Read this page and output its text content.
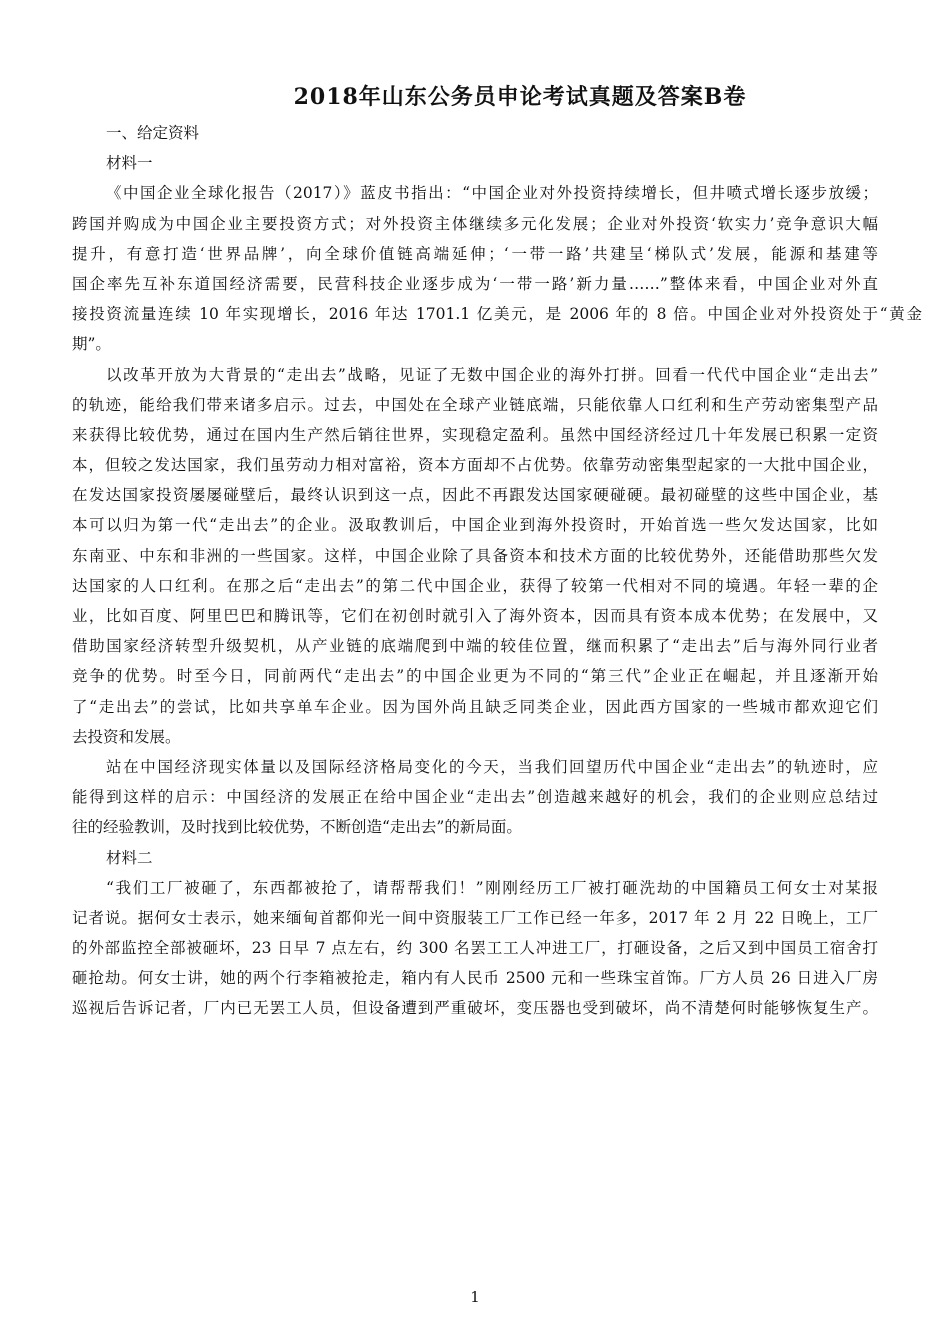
2018年山东公务员申论考试真题及答案B卷
一、给定资料
材料一
《中国企业全球化报告（2017）》蓝皮书指出：“中国企业对外投资持续增长，但井喷式增长逐步放缓；
跨国并购成为中国企业主要投资方式；对外投资主体继续多元化发展；企业对外投资‘软实力’竞争意识大幅
提升，有意打造‘世界品牌’，向全球价值链高端延伸；‘一带一路’共建呈‘梯队式’发展，能源和基建等
国企率先互补东道国经济需要，民营科技企业逐步成为‘一带一路’新力量……”整体来看，中国企业对外直
接投资流量连续 10 年实现增长，2016 年达 1701.1 亿美元，是 2006 年的 8 倍。中国企业对外投资处于“黄金
期”。
以改革开放为大背景的“走出去”战略，见证了无数中国企业的海外打拼。回看一代代中国企业“走出去”
的轨迹，能给我们带来诸多启示。过去，中国处在全球产业链底端，只能依靠人口红利和生产劳动密集型产品
来获得比较优势，通过在国内生产然后销往世界，实现稳定盈利。虽然中国经济经过几十年发展已积累一定资
本，但较之发达国家，我们虽劳动力相对富裕，资本方面却不占优势。依靠劳动密集型起家的一大批中国企业，
在发达国家投资屡屡碰壁后，最终认识到这一点，因此不再跟发达国家硬碰硬。最初碰壁的这些中国企业，基
本可以归为第一代“走出去”的企业。汲取教训后，中国企业到海外投资时，开始首选一些欠发达国家，比如
东南亚、中东和非洲的一些国家。这样，中国企业除了具备资本和技术方面的比较优势外，还能借助那些欠发
达国家的人口红利。在那之后“走出去”的第二代中国企业，获得了较第一代相对不同的境遇。年轻一辈的企
业，比如百度、阿里巴巴和腾讯等，它们在初创时就引入了海外资本，因而具有资本成本优势；在发展中，又
借助国家经济转型升级契机，从产业链的底端爬到中端的较佳位置，继而积累了“走出去”后与海外同行业者
竞争的优势。时至今日，同前两代“走出去”的中国企业更为不同的“第三代”企业正在崛起，并且逐渐开始
了“走出去”的尝试，比如共享单车企业。因为国外尚且缺乏同类企业，因此西方国家的一些城市都欢迎它们
去投资和发展。
站在中国经济现实体量以及国际经济格局变化的今天，当我们回望历代中国企业“走出去”的轨迹时，应
能得到这样的启示：中国经济的发展正在给中国企业“走出去”创造越来越好的机会，我们的企业则应总结过
往的经验教训，及时找到比较优势，不断创造“走出去”的新局面。
材料二
“我们工厂被砸了，东西都被抢了，请帮帮我们！”刚刚经历工厂被打砸洗劫的中国籍员工何女士对某报
记者说。据何女士表示，她来缅甸首都仰光一间中资服装工厂工作已经一年多，2017 年 2 月 22 日晚上，工厂
的外部监控全部被砸坏，23 日早 7 点左右，约 300 名罢工工人冲进工厂，打砸设备，之后又到中国员工宿舍打
砸抢劫。何女士讲，她的两个行李箱被抢走，箱内有人民币 2500 元和一些珠宝首饰。厂方人员 26 日进入厂房
巡视后告诉记者，厂内已无罢工人员，但设备遭到严重破坏，变压器也受到破坏，尚不清楚何时能够恢复生产。
1
